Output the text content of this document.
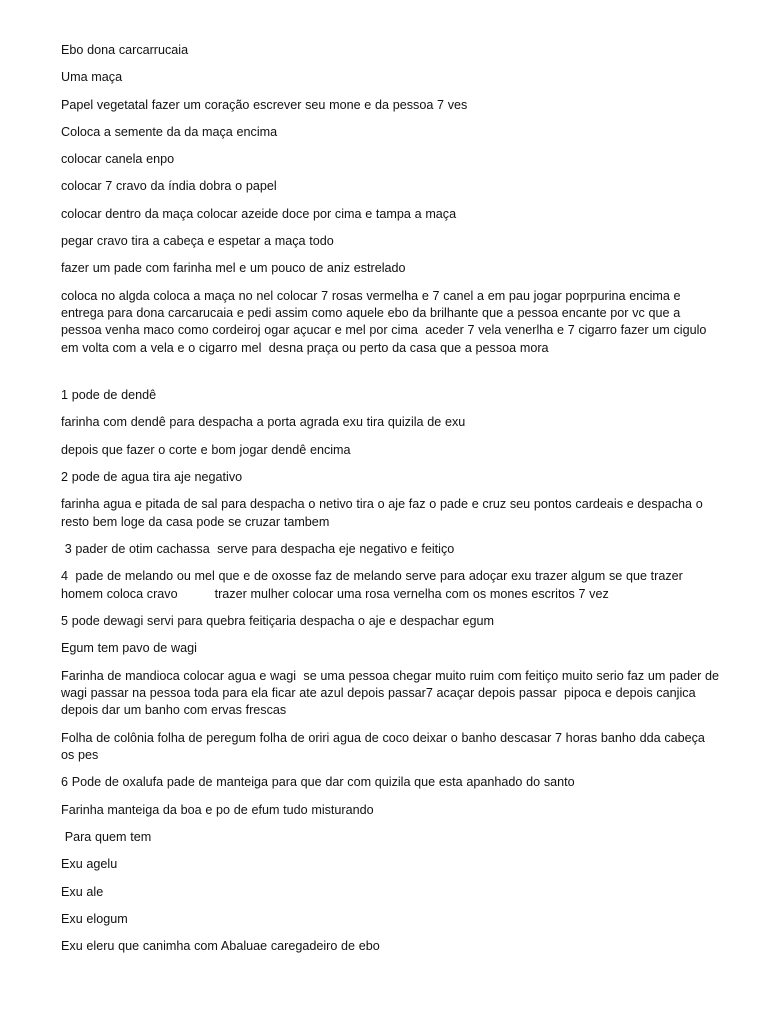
Ebo dona carcarrucaia

Uma maça

Papel vegetatal fazer um coração escrever seu mone e da pessoa 7 ves

Coloca a semente da da maça encima

colocar canela enpo

colocar 7 cravo da índia dobra o papel

colocar dentro da maça colocar azeide doce por cima e tampa a maça

pegar cravo tira a cabeça e espetar a maça todo

fazer um pade com farinha mel e um pouco de aniz estrelado

coloca no algda coloca a maça no nel colocar 7 rosas vermelha e 7 canel a em pau jogar poprpurina encima e entrega para dona carcarucaia e pedi assim como aquele ebo da brilhante que a pessoa encante por vc que a pessoa venha maco como cordeiroj ogar açucar e mel por cima  aceder 7 vela venerlha e 7 cigarro fazer um cigulo em volta com a vela e o cigarro mel  desna praça ou perto da casa que a pessoa mora

1 pode de dendê

farinha com dendê para despacha a porta agrada exu tira quizila de exu

depois que fazer o corte e bom jogar dendê encima

2 pode de agua tira aje negativo

farinha agua e pitada de sal para despacha o netivo tira o aje faz o pade e cruz seu pontos cardeais e despacha o resto bem loge da casa pode se cruzar tambem

3 pader de otim cachassa  serve para despacha eje negativo e feitiço

4  pade de melando ou mel que e de oxosse faz de melando serve para adoçar exu trazer algum se que trazer homem coloca cravo          trazer mulher colocar uma rosa vernelha com os mones escritos 7 vez

5 pode dewagi servi para quebra feitiçaria despacha o aje e despachar egum

Egum tem pavo de wagi

Farinha de mandioca colocar agua e wagi  se uma pessoa chegar muito ruim com feitiço muito serio faz um pader de wagi passar na pessoa toda para ela ficar ate azul depois passar7 acaçar depois passar  pipoca e depois canjica  depois dar um banho com ervas frescas

Folha de colônia folha de peregum folha de oriri agua de coco deixar o banho descasar 7 horas banho dda cabeça os pes

6 Pode de oxalufa pade de manteiga para que dar com quizila que esta apanhado do santo

Farinha manteiga da boa e po de efum tudo misturando

Para quem tem

Exu agelu

Exu ale

Exu elogum

Exu eleru que canimha com Abaluae caregadeiro de ebo
